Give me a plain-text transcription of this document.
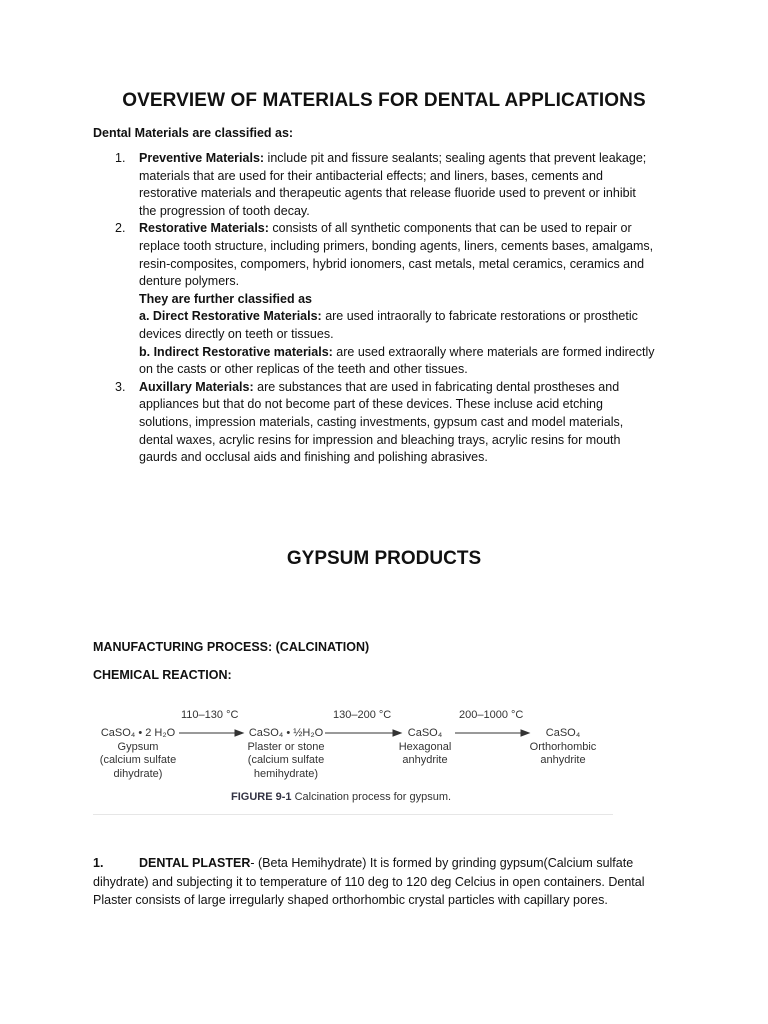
OVERVIEW OF MATERIALS FOR DENTAL APPLICATIONS
Dental Materials are classified as:
1. Preventive Materials: include pit and fissure sealants; sealing agents that prevent leakage;
materials that are used for their antibacterial effects; and liners, bases, cements and
restorative materials and therapeutic agents that release fluoride used to prevent or inhibit
the progression of tooth decay.
2. Restorative Materials: consists of all synthetic components that can be used to repair or
replace tooth structure, including primers, bonding agents, liners, cements bases, amalgams,
resin-composites, compomers, hybrid ionomers, cast metals, metal ceramics, ceramics and
denture polymers.
They are further classified as
a. Direct Restorative Materials: are used intraorally to fabricate restorations or prosthetic
devices directly on teeth or tissues.
b. Indirect Restorative materials: are used extraorally where materials are formed indirectly
on the casts or other replicas of the teeth and other tissues.
3. Auxillary Materials: are substances that are used in fabricating dental prostheses and
appliances but that do not become part of these devices. These incluse acid etching
solutions, impression materials, casting investments, gypsum cast and model materials,
dental waxes, acrylic resins for impression and bleaching trays, acrylic resins for mouth
gaurds and occlusal aids and finishing and polishing abrasives.
GYPSUM PRODUCTS
MANUFACTURING PROCESS: (CALCINATION)
CHEMICAL REACTION:
110–130 °C	130–200 °C	200–1000 °C
CaSO₄ • 2 H₂O
Gypsum
(calcium sulfate
dihydrate)
CaSO₄ • ½H₂O
Plaster or stone
(calcium sulfate
hemihydrate)
CaSO₄
Hexagonal
anhydrite
CaSO₄
Orthorhombic
anhydrite
FIGURE 9-1 Calcination process for gypsum.
1.	DENTAL PLASTER- (Beta Hemihydrate) It is formed by grinding gypsum(Calcium sulfate dihydrate) and subjecting it to temperature of 110 deg to 120 deg Celcius in open containers. Dental Plaster consists of large irregularly shaped orthorhombic crystal particles with capillary pores.
